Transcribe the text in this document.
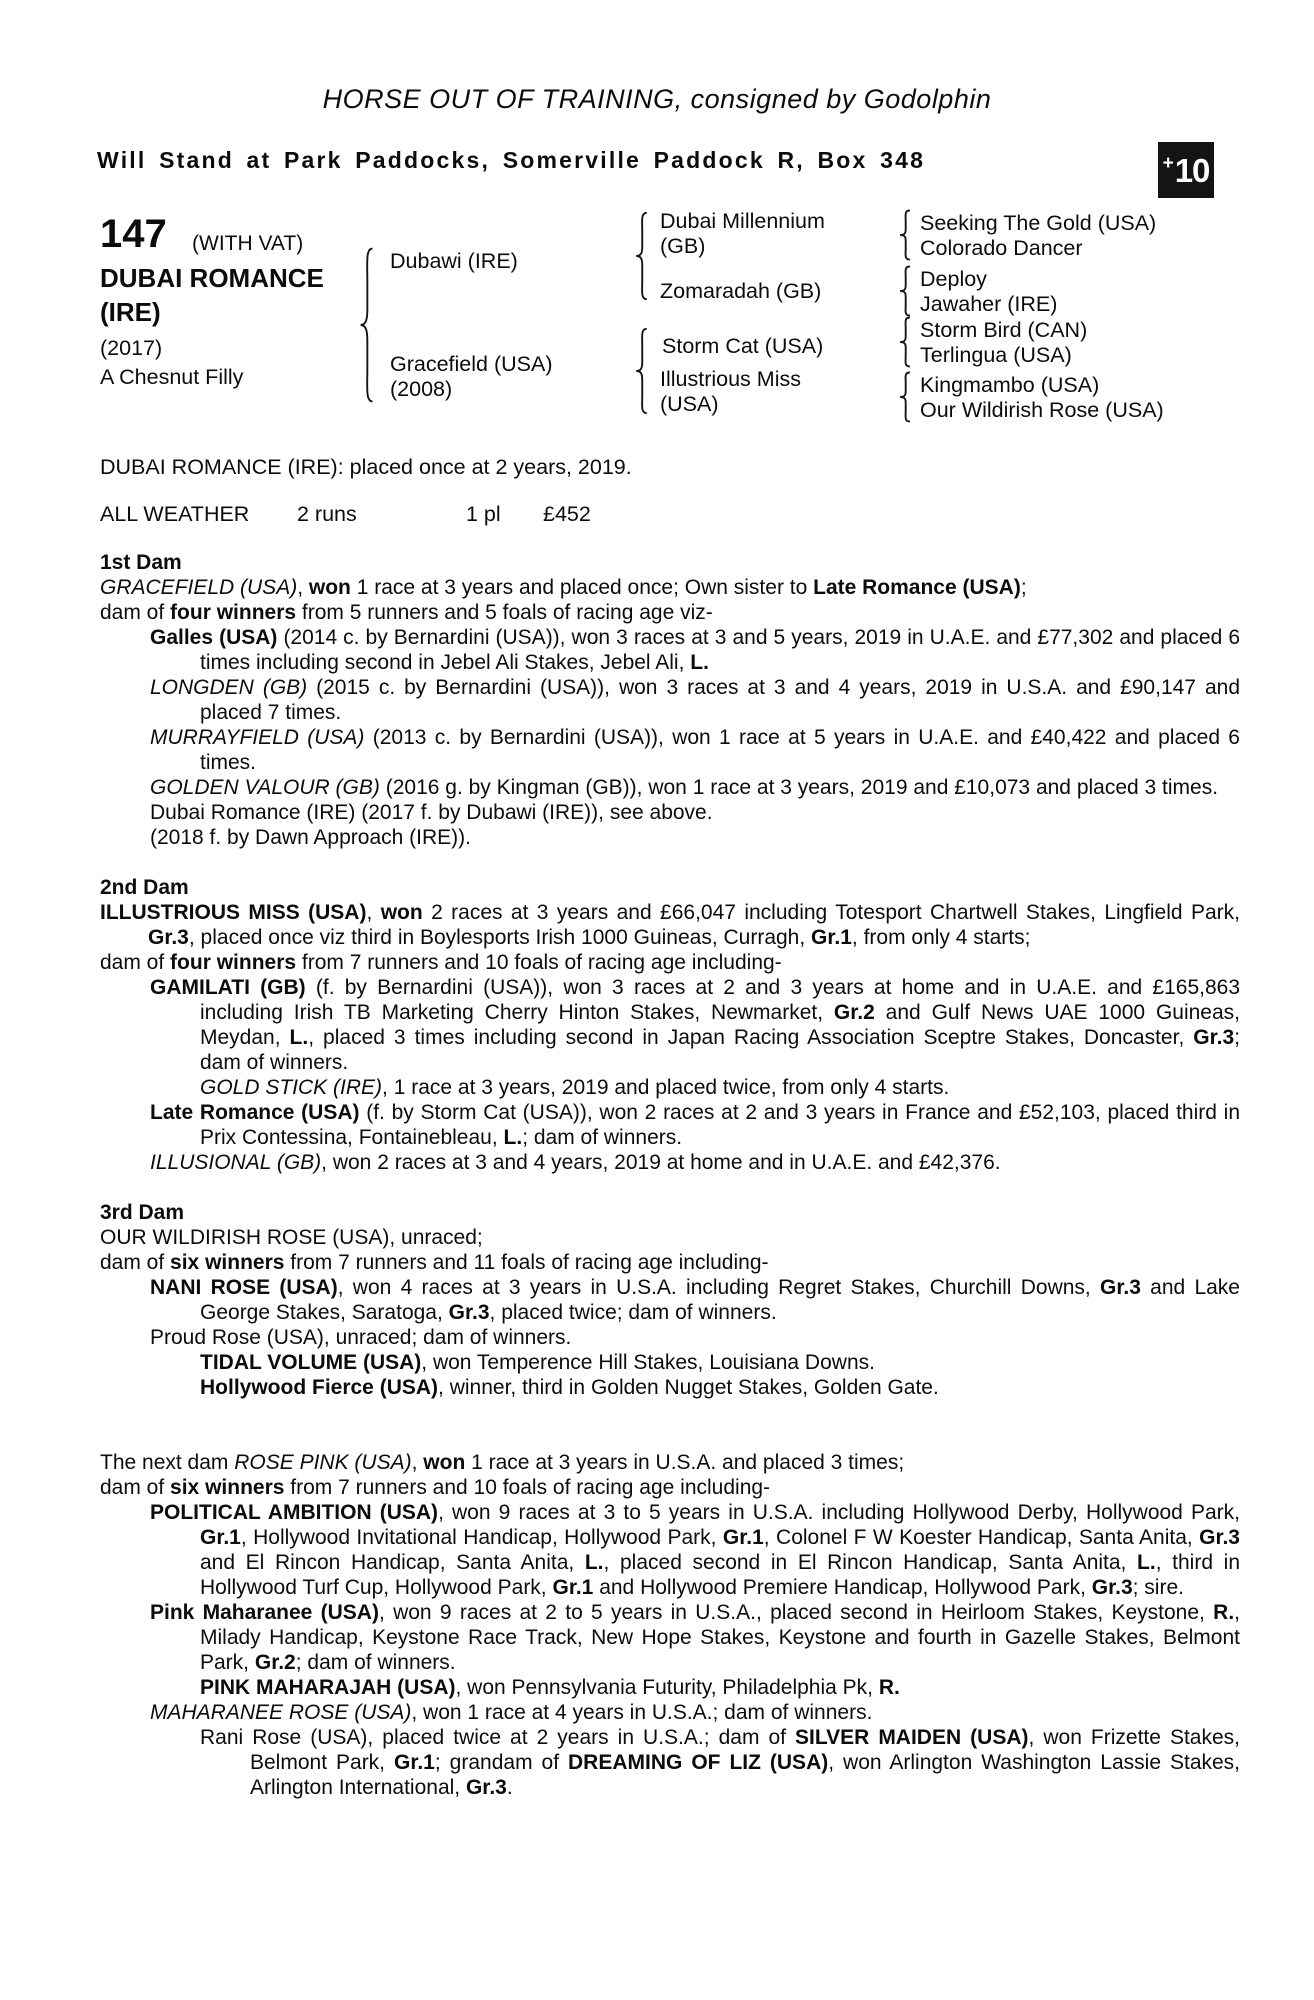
HORSE OUT OF TRAINING, consigned by Godolphin
Will Stand at Park Paddocks, Somerville Paddock R, Box 348	+ 10
147 (WITH VAT)
DUBAI ROMANCE
(IRE)
(2017)
A Chesnut Filly
Dubawi (IRE)
Gracefield (USA)
(2008)
Dubai Millennium (GB)
Zomaradah (GB)
Storm Cat (USA)
Illustrious Miss (USA)
Seeking The Gold (USA)
Colorado Dancer
Deploy
Jawaher (IRE)
Storm Bird (CAN)
Terlingua (USA)
Kingmambo (USA)
Our Wildirish Rose (USA)
DUBAI ROMANCE (IRE): placed once at 2 years, 2019.
ALL WEATHER 2 runs	1 pl £452
1st Dam
GRACEFIELD (USA), won 1 race at 3 years and placed once; Own sister to Late Romance (USA);
dam of four winners from 5 runners and 5 foals of racing age viz-
Galles (USA) (2014 c. by Bernardini (USA)), won 3 races at 3 and 5 years, 2019 in U.A.E. and £77,302 and placed 6 times including second in Jebel Ali Stakes, Jebel Ali, L.
LONGDEN (GB) (2015 c. by Bernardini (USA)), won 3 races at 3 and 4 years, 2019 in U.S.A. and £90,147 and placed 7 times.
MURRAYFIELD (USA) (2013 c. by Bernardini (USA)), won 1 race at 5 years in U.A.E. and £40,422 and placed 6 times.
GOLDEN VALOUR (GB) (2016 g. by Kingman (GB)), won 1 race at 3 years, 2019 and £10,073 and placed 3 times.
Dubai Romance (IRE) (2017 f. by Dubawi (IRE)), see above.
(2018 f. by Dawn Approach (IRE)).
2nd Dam
ILLUSTRIOUS MISS (USA), won 2 races at 3 years and £66,047 including Totesport Chartwell Stakes, Lingfield Park, Gr.3, placed once viz third in Boylesports Irish 1000 Guineas, Curragh, Gr.1, from only 4 starts;
dam of four winners from 7 runners and 10 foals of racing age including-
GAMILATI (GB) (f. by Bernardini (USA)), won 3 races at 2 and 3 years at home and in U.A.E. and £165,863 including Irish TB Marketing Cherry Hinton Stakes, Newmarket, Gr.2 and Gulf News UAE 1000 Guineas, Meydan, L., placed 3 times including second in Japan Racing Association Sceptre Stakes, Doncaster, Gr.3; dam of winners.
GOLD STICK (IRE), 1 race at 3 years, 2019 and placed twice, from only 4 starts.
Late Romance (USA) (f. by Storm Cat (USA)), won 2 races at 2 and 3 years in France and £52,103, placed third in Prix Contessina, Fontainebleau, L.; dam of winners.
ILLUSIONAL (GB), won 2 races at 3 and 4 years, 2019 at home and in U.A.E. and £42,376.
3rd Dam
OUR WILDIRISH ROSE (USA), unraced;
dam of six winners from 7 runners and 11 foals of racing age including-
NANI ROSE (USA), won 4 races at 3 years in U.S.A. including Regret Stakes, Churchill Downs, Gr.3 and Lake George Stakes, Saratoga, Gr.3, placed twice; dam of winners.
Proud Rose (USA), unraced; dam of winners.
TIDAL VOLUME (USA), won Temperence Hill Stakes, Louisiana Downs.
Hollywood Fierce (USA), winner, third in Golden Nugget Stakes, Golden Gate.
The next dam ROSE PINK (USA), won 1 race at 3 years in U.S.A. and placed 3 times;
dam of six winners from 7 runners and 10 foals of racing age including-
POLITICAL AMBITION (USA), won 9 races at 3 to 5 years in U.S.A. including Hollywood Derby, Hollywood Park, Gr.1, Hollywood Invitational Handicap, Hollywood Park, Gr.1, Colonel F W Koester Handicap, Santa Anita, Gr.3 and El Rincon Handicap, Santa Anita, L., placed second in El Rincon Handicap, Santa Anita, L., third in Hollywood Turf Cup, Hollywood Park, Gr.1 and Hollywood Premiere Handicap, Hollywood Park, Gr.3; sire.
Pink Maharanee (USA), won 9 races at 2 to 5 years in U.S.A., placed second in Heirloom Stakes, Keystone, R., Milady Handicap, Keystone Race Track, New Hope Stakes, Keystone and fourth in Gazelle Stakes, Belmont Park, Gr.2; dam of winners.
PINK MAHARAJAH (USA), won Pennsylvania Futurity, Philadelphia Pk, R.
MAHARANEE ROSE (USA), won 1 race at 4 years in U.S.A.; dam of winners.
Rani Rose (USA), placed twice at 2 years in U.S.A.; dam of SILVER MAIDEN (USA), won Frizette Stakes, Belmont Park, Gr.1; grandam of DREAMING OF LIZ (USA), won Arlington Washington Lassie Stakes, Arlington International, Gr.3.
